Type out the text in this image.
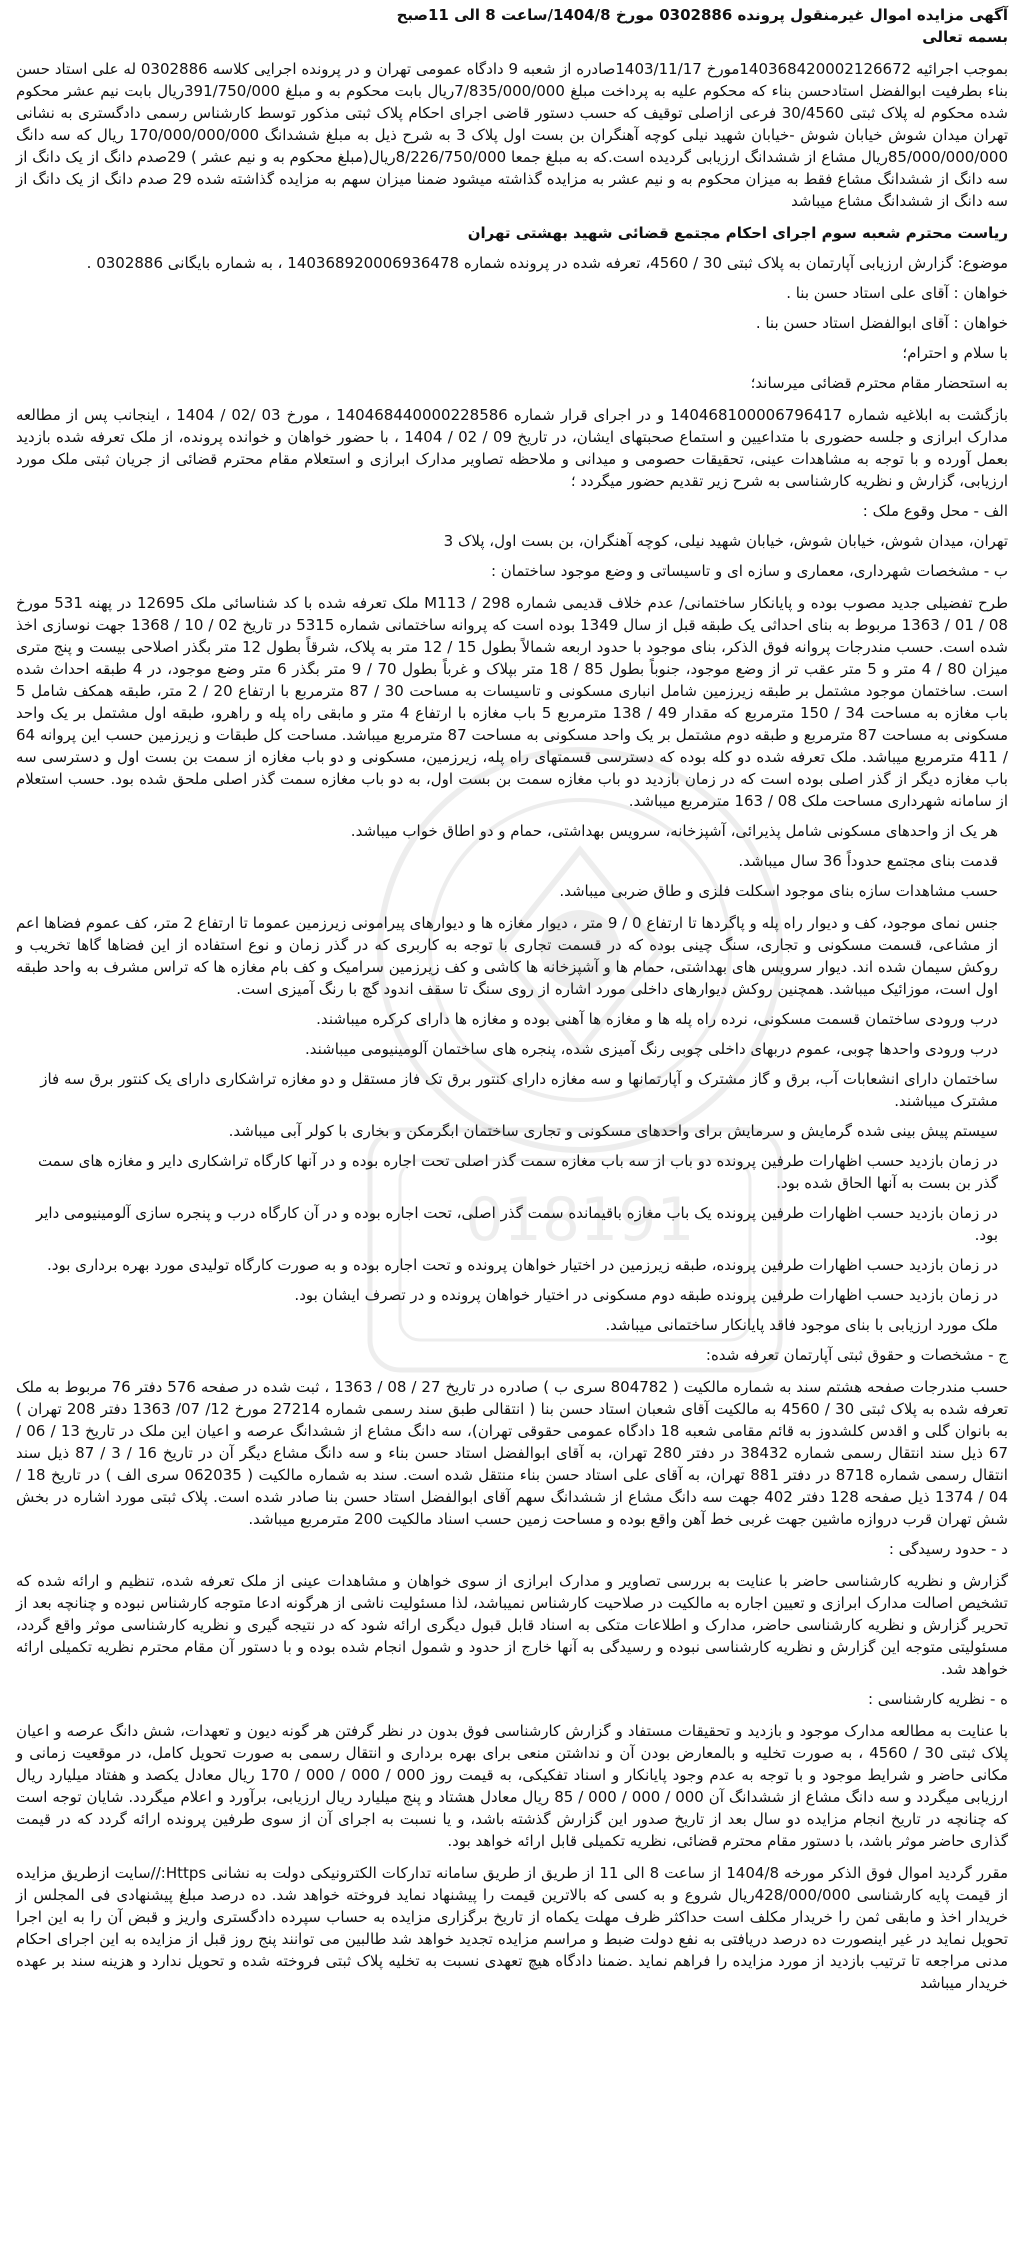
018191
آگهی مزایده اموال غیرمنقول پرونده 0302886 مورخ 1404/8/ساعت 8 الی 11صبح
بسمه تعالی
بموجب اجرائیه 140368420002126672مورخ 1403/11/17صادره از شعبه 9 دادگاه عمومی تهران و در پرونده اجرایی کلاسه 0302886 له علی استاد حسن بناء بطرفیت ابوالفضل استادحسن بناء که محکوم علیه به پرداخت مبلغ 7/835/000/000ریال بابت محکوم به و مبلغ 391/750/000ریال بابت نیم عشر محکوم شده محکوم له پلاک ثبتی 30/4560 فرعی ازاصلی توقیف که حسب دستور قاضی اجرای احکام پلاک ثبتی مذکور توسط کارشناس رسمی دادگستری به نشانی تهران میدان شوش خیابان شوش -خیابان شهید نیلی کوچه آهنگران بن بست اول پلاک 3 به شرح ذیل به مبلغ ششدانگ 170/000/000/000 ریال که سه دانگ 85/000/000/000ریال مشاع از ششدانگ ارزیابی گردیده است.که به مبلغ جمعا 8/226/750/000ریال(مبلغ محکوم به و نیم عشر ) 29صدم دانگ از یک دانگ از سه دانگ از ششدانگ مشاع فقط به میزان محکوم به و نیم عشر به مزایده گذاشته میشود ضمنا میزان سهم به مزایده گذاشته شده 29 صدم دانگ از یک دانگ از سه دانگ از ششدانگ مشاع میباشد
ریاست محترم شعبه سوم اجرای احکام مجتمع قضائی شهید بهشتی تهران
موضوع: گزارش ارزیابی آپارتمان به پلاک ثبتی 30 / 4560، تعرفه شده در پرونده شماره 140368920006936478 ، به شماره بایگانی 0302886 .
خواهان : آقای علی استاد حسن بنا .
خواهان : آقای ابوالفضل استاد حسن بنا .
با سلام و احترام؛
به استحضار مقام محترم قضائی میرساند؛
بازگشت به ابلاغیه شماره 140468100006796417 و در اجرای قرار شماره 140468440000228586 ، مورخ 03 /02 / 1404 ، اینجانب پس از مطالعه مدارک ابرازی و جلسه حضوری با متداعیین و استماع صحبتهای ایشان، در تاریخ 09 / 02 / 1404 ، با حضور خواهان و خوانده پرونده، از ملک تعرفه شده بازدید بعمل آورده و با توجه به مشاهدات عینی، تحقیقات حصومی و میدانی و ملاحظه تصاویر مدارک ابرازی و استعلام مقام محترم قضائی از جریان ثبتی ملک مورد ارزیابی، گزارش و نظریه کارشناسی به شرح زیر تقدیم حضور میگردد ؛
الف - محل وقوع ملک :
تهران، میدان شوش، خیابان شوش، خیابان شهید نیلی، کوچه آهنگران، بن بست اول، پلاک 3
ب - مشخصات شهرداری، معماری و سازه ای و تاسیساتی و وضع موجود ساختمان :
طرح تفضیلی جدید مصوب بوده و پایانکار ساختمانی/ عدم خلاف قدیمی شماره 298 / M113 ملک تعرفه شده با کد شناسائی ملک 12695 در پهنه 531 مورخ 08 / 01 / 1363 مربوط به بنای احداثی یک طبقه قبل از سال 1349 بوده است که پروانه ساختمانی شماره 5315 در تاریخ 02 / 10 / 1368 جهت نوسازی اخذ شده است. حسب مندرجات پروانه فوق الذکر، بنای موجود با حدود اربعه شمالاً بطول 15 / 12 متر به پلاک، شرقاً بطول 12 متر بگذر اصلاحی بیست و پنج متری میزان 80 / 4 متر و 5 متر عقب تر از وضع موجود، جنوباً بطول 85 / 18 متر بپلاک و غرباً بطول 70 / 9 متر بگذر 6 متر وضع موجود، در 4 طبقه احداث شده است. ساختمان موجود مشتمل بر طبقه زیرزمین شامل انباری مسکونی و تاسیسات به مساحت 30 / 87 مترمربع با ارتفاع 20 / 2 متر، طبقه همکف شامل 5 باب مغازه به مساحت 34 / 150 مترمربع که مقدار 49 / 138 مترمربع 5 باب مغازه با ارتفاع 4 متر و مابقی راه پله و راهرو، طبقه اول مشتمل بر یک واحد مسکونی به مساحت 87 مترمربع و طبقه دوم مشتمل بر یک واحد مسکونی به مساحت 87 مترمربع میباشد. مساحت کل طبقات و زیرزمین حسب این پروانه 64 / 411 مترمربع میباشد. ملک تعرفه شده دو کله بوده که دسترسی قسمتهای راه پله، زیرزمین، مسکونی و دو باب مغازه از سمت بن بست اول و دسترسی سه باب مغازه دیگر از گذر اصلی بوده است که در زمان بازدید دو باب مغازه سمت بن بست اول، به دو باب مغازه سمت گذر اصلی ملحق شده بود. حسب استعلام از سامانه شهرداری مساحت ملک 08 / 163 مترمربع میباشد.
هر یک از واحدهای مسکونی شامل پذیرائی، آشپزخانه، سرویس بهداشتی، حمام و دو اطاق خواب میباشد.
قدمت بنای مجتمع حدوداً 36 سال میباشد.
حسب مشاهدات سازه بنای موجود اسکلت فلزی و طاق ضربی میباشد.
جنس نمای موجود، کف و دیوار راه پله و پاگردها تا ارتفاع 0 / 9 متر ، دیوار مغازه ها و دیوارهای پیرامونی زیرزمین عموما تا ارتفاع 2 متر، کف عموم فضاها اعم از مشاعی، قسمت مسکونی و تجاری، سنگ چینی بوده که در قسمت تجاری با توجه به کاربری که در گذر زمان و نوع استفاده از این فضاها گاها تخریب و روکش سیمان شده اند. دیوار سرویس های بهداشتی، حمام ها و آشپزخانه ها کاشی و کف زیرزمین سرامیک و کف بام مغازه ها که تراس مشرف به واحد طبقه اول است، موزائیک میباشد. همچنین روکش دیوارهای داخلی مورد اشاره از روی سنگ تا سقف اندود گچ با رنگ آمیزی است.
درب ورودی ساختمان قسمت مسکونی، نرده راه پله ها و مغازه ها آهنی بوده و مغازه ها دارای کرکره میباشند.
درب ورودی واحدها چوبی، عموم دربهای داخلی چوبی رنگ آمیزی شده، پنجره های ساختمان آلومینیومی میباشند.
ساختمان دارای انشعابات آب، برق و گاز مشترک و آپارتمانها و سه مغازه دارای کنتور برق تک فاز مستقل و دو مغازه تراشکاری دارای یک کنتور برق سه فاز مشترک میباشند.
سیستم پیش بینی شده گرمایش و سرمایش برای واحدهای مسکونی و تجاری ساختمان ابگرمکن و بخاری با کولر آبی میباشد.
در زمان بازدید حسب اظهارات طرفین پرونده دو باب از سه باب مغازه سمت گذر اصلی تحت اجاره بوده و در آنها کارگاه تراشکاری دایر و مغازه های سمت گذر بن بست به آنها الحاق شده بود.
در زمان بازدید حسب اظهارات طرفین پرونده یک باب مغازه باقیمانده سمت گذر اصلی، تحت اجاره بوده و در آن کارگاه درب و پنجره سازی آلومینیومی دایر بود.
در زمان بازدید حسب اظهارات طرفین پرونده، طبقه زیرزمین در اختیار خواهان پرونده و تحت اجاره بوده و به صورت کارگاه تولیدی مورد بهره برداری بود.
در زمان بازدید حسب اظهارات طرفین پرونده طبقه دوم مسکونی در اختیار خواهان پرونده و در تصرف ایشان بود.
ملک مورد ارزیابی با بنای موجود فاقد پایانکار ساختمانی میباشد.
ج - مشخصات و حقوق ثبتی آپارتمان تعرفه شده:
حسب مندرجات صفحه هشتم سند به شماره مالکیت ( 804782 سری ب ) صادره در تاریخ 27 / 08 / 1363 ، ثبت شده در صفحه 576 دفتر 76 مربوط به ملک تعرفه شده به پلاک ثبتی 30 / 4560 به مالکیت آقای شعبان استاد حسن بنا ( انتقالی طبق سند رسمی شماره 27214 مورخ 12/ 07/ 1363 دفتر 208 تهران ) به بانوان گلی و اقدس کلشدوز به قائم مقامی شعبه 18 دادگاه عمومی حقوقی تهران)، سه دانگ مشاع از ششدانگ عرصه و اعیان این ملک در تاریخ 13 / 06 / 67 ذیل سند انتقال رسمی شماره 38432 در دفتر 280 تهران، به آقای ابوالفضل استاد حسن بناء و سه دانگ مشاع دیگر آن در تاریخ 16 / 3 / 87 ذیل سند انتقال رسمی شماره 8718 در دفتر 881 تهران، به آقای علی استاد حسن بناء منتقل شده است. سند به شماره مالکیت ( 062035 سری الف ) در تاریخ 18 / 04 / 1374 ذیل صفحه 128 دفتر 402 جهت سه دانگ مشاع از ششدانگ سهم آقای ابوالفضل استاد حسن بنا صادر شده است. پلاک ثبتی مورد اشاره در بخش شش تهران قرب دروازه ماشین جهت غربی خط آهن واقع بوده و مساحت زمین حسب اسناد مالکیت 200 مترمربع میباشد.
د - حدود رسیدگی :
گزارش و نظریه کارشناسی حاضر با عنایت به بررسی تصاویر و مدارک ابرازی از سوی خواهان و مشاهدات عینی از ملک تعرفه شده، تنظیم و ارائه شده که تشخیص اصالت مدارک ابرازی و تعیین اجاره به مالکیت در صلاحیت کارشناس نمیباشد، لذا مسئولیت ناشی از هرگونه ادعا متوجه کارشناس نبوده و چنانچه بعد از تحریر گزارش و نظریه کارشناسی حاضر، مدارک و اطلاعات متکی به اسناد قابل قبول دیگری ارائه شود که در نتیجه گیری و نظریه کارشناسی موثر واقع گردد، مسئولیتی متوجه این گزارش و نظریه کارشناسی نبوده و رسیدگی به آنها خارج از حدود و شمول انجام شده بوده و با دستور آن مقام محترم نظریه تکمیلی ارائه خواهد شد.
ه - نظریه کارشناسی :
با عنایت به مطالعه مدارک موجود و بازدید و تحقیقات مستفاد و گزارش کارشناسی فوق بدون در نظر گرفتن هر گونه دیون و تعهدات، شش دانگ عرصه و اعیان پلاک ثبتی 30 / 4560 ، به صورت تخلیه و بالمعارض بودن آن و نداشتن منعی برای بهره برداری و انتقال رسمی به صورت تحویل کامل، در موقعیت زمانی و مکانی حاضر و شرایط موجود و با توجه به عدم وجود پایانکار و اسناد تفکیکی، به قیمت روز 000 / 000 / 000 / 170 ریال معادل یکصد و هفتاد میلیارد ریال ارزیابی میگردد و سه دانگ مشاع از ششدانگ آن 000 / 000 / 000 / 85 ریال معادل هشتاد و پنج میلیارد ریال ارزیابی، برآورد و اعلام میگردد. شایان توجه است که چنانچه در تاریخ انجام مزایده دو سال بعد از تاریخ صدور این گزارش گذشته باشد، و یا نسبت به اجرای آن از سوی طرفین پرونده ارائه گردد که در قیمت گذاری حاضر موثر باشد، با دستور مقام محترم قضائی، نظریه تکمیلی قابل ارائه خواهد بود.
مقرر گردید اموال فوق الذکر مورخه 1404/8 از ساعت 8 الی 11 از طریق از طریق سامانه تدارکات الکترونیکی دولت به نشانی Https://سایت ازطریق مزایده از قیمت پایه کارشناسی 428/000/000ریال شروع و به کسی که بالاترین قیمت را پیشنهاد نماید فروخته خواهد شد. ده درصد مبلغ پیشنهادی فی المجلس از خریدار اخذ و مابقی ثمن را خریدار مکلف است حداکثر ظرف مهلت یکماه از تاریخ برگزاری مزایده به حساب سپرده دادگستری واریز و قبض آن را به این اجرا تحویل نماید در غیر اینصورت ده درصد دریافتی به نفع دولت ضبط و مراسم مزایده تجدید خواهد شد طالبین می توانند پنج روز قبل از مزایده به این اجرای احکام مدنی مراجعه تا ترتیب بازدید از مورد مزایده را فراهم نماید .ضمنا دادگاه هیچ تعهدی نسبت به تخلیه پلاک ثبتی فروخته شده و تحویل ندارد و هزینه سند بر عهده خریدار میباشد
